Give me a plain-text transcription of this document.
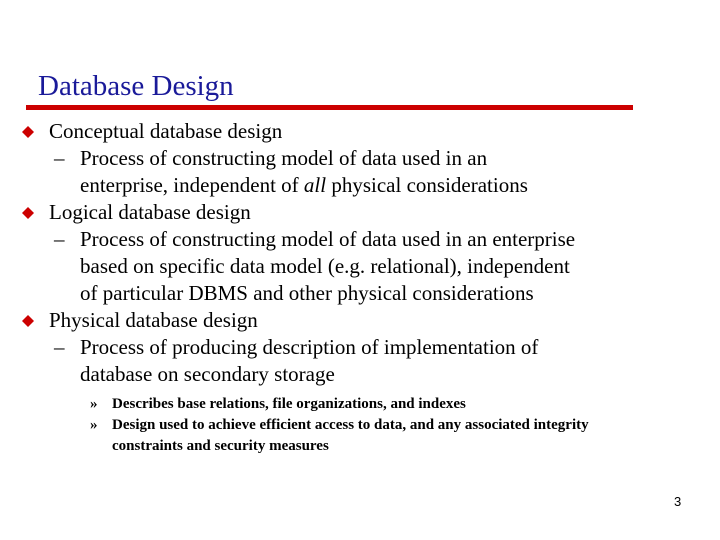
Database Design
Conceptual database design
– Process of constructing model of data used in an
enterprise, independent of all physical considerations
Logical database design
– Process of constructing model of data used in an enterprise
based on specific data model (e.g. relational), independent
of particular DBMS and other physical considerations
Physical database design
– Process of producing description of implementation of
database on secondary storage
» Describes base relations, file organizations, and indexes
» Design used to achieve efficient access to data, and any associated integrity
constraints and security measures
3
